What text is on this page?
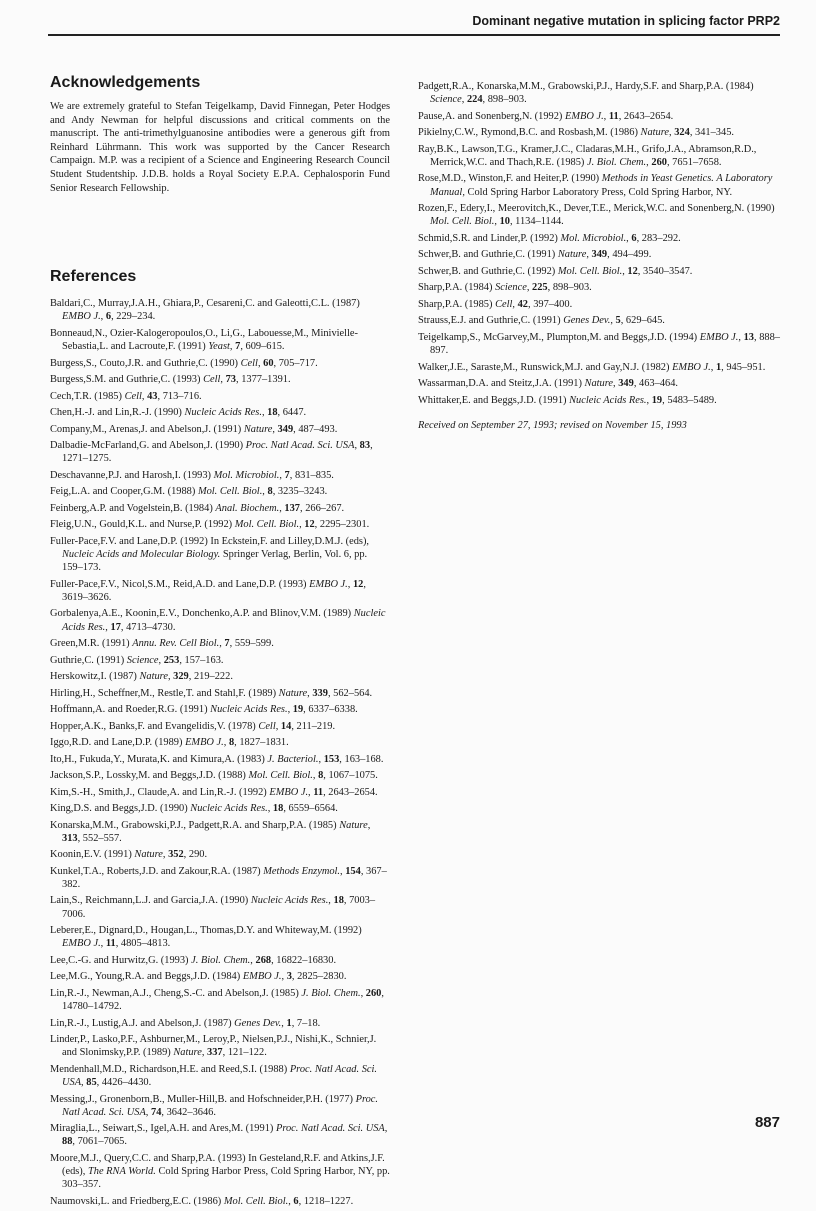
Dominant negative mutation in splicing factor PRP2
Acknowledgements

We are extremely grateful to Stefan Teigelkamp, David Finnegan, Peter Hodges and Andy Newman for helpful discussions and critical comments on the manuscript. The anti-trimethylguanosine antibodies were a generous gift from Reinhard Lührmann. This work was supported by the Cancer Research Campaign. M.P. was a recipient of a Science and Engineering Research Council Student Studentship. J.D.B. holds a Royal Society E.P.A. Cephalosporin Fund Senior Research Fellowship.

References
Baldari,C., Murray,J.A.H., Ghiara,P., Cesareni,C. and Galeotti,C.L. (1987) EMBO J., 6, 229–234.
Bonneaud,N., Ozier-Kalogeropoulos,O., Li,G., Labouesse,M., Minivielle-Sebastia,L. and Lacroute,F. (1991) Yeast, 7, 609–615.
Burgess,S., Couto,J.R. and Guthrie,C. (1990) Cell, 60, 705–717.
Burgess,S.M. and Guthrie,C. (1993) Cell, 73, 1377–1391.
Cech,T.R. (1985) Cell, 43, 713–716.
Chen,H.-J. and Lin,R.-J. (1990) Nucleic Acids Res., 18, 6447.
Company,M., Arenas,J. and Abelson,J. (1991) Nature, 349, 487–493.
Dalbadie-McFarland,G. and Abelson,J. (1990) Proc. Natl Acad. Sci. USA, 83, 1271–1275.
Deschavanne,P.J. and Harosh,I. (1993) Mol. Microbiol., 7, 831–835.
Feig,L.A. and Cooper,G.M. (1988) Mol. Cell. Biol., 8, 3235–3243.
Feinberg,A.P. and Vogelstein,B. (1984) Anal. Biochem., 137, 266–267.
Fleig,U.N., Gould,K.L. and Nurse,P. (1992) Mol. Cell. Biol., 12, 2295–2301.
Fuller-Pace,F.V. and Lane,D.P. (1992) In Eckstein,F. and Lilley,D.M.J. (eds), Nucleic Acids and Molecular Biology. Springer Verlag, Berlin, Vol. 6, pp. 159–173.
Fuller-Pace,F.V., Nicol,S.M., Reid,A.D. and Lane,D.P. (1993) EMBO J., 12, 3619–3626.
Gorbalenya,A.E., Koonin,E.V., Donchenko,A.P. and Blinov,V.M. (1989) Nucleic Acids Res., 17, 4713–4730.
Green,M.R. (1991) Annu. Rev. Cell Biol., 7, 559–599.
Guthrie,C. (1991) Science, 253, 157–163.
Herskowitz,I. (1987) Nature, 329, 219–222.
Hirling,H., Scheffner,M., Restle,T. and Stahl,F. (1989) Nature, 339, 562–564.
Hoffmann,A. and Roeder,R.G. (1991) Nucleic Acids Res., 19, 6337–6338.
Hopper,A.K., Banks,F. and Evangelidis,V. (1978) Cell, 14, 211–219.
Iggo,R.D. and Lane,D.P. (1989) EMBO J., 8, 1827–1831.
Ito,H., Fukuda,Y., Murata,K. and Kimura,A. (1983) J. Bacteriol., 153, 163–168.
Jackson,S.P., Lossky,M. and Beggs,J.D. (1988) Mol. Cell. Biol., 8, 1067–1075.
Kim,S.-H., Smith,J., Claude,A. and Lin,R.-J. (1992) EMBO J., 11, 2643–2654.
King,D.S. and Beggs,J.D. (1990) Nucleic Acids Res., 18, 6559–6564.
Konarska,M.M., Grabowski,P.J., Padgett,R.A. and Sharp,P.A. (1985) Nature, 313, 552–557.
Koonin,E.V. (1991) Nature, 352, 290.
Kunkel,T.A., Roberts,J.D. and Zakour,R.A. (1987) Methods Enzymol., 154, 367–382.
Lain,S., Reichmann,L.J. and Garcia,J.A. (1990) Nucleic Acids Res., 18, 7003–7006.
Leberer,E., Dignard,D., Hougan,L., Thomas,D.Y. and Whiteway,M. (1992) EMBO J., 11, 4805–4813.
Lee,C.-G. and Hurwitz,G. (1993) J. Biol. Chem., 268, 16822–16830.
Lee,M.G., Young,R.A. and Beggs,J.D. (1984) EMBO J., 3, 2825–2830.
Lin,R.-J., Newman,A.J., Cheng,S.-C. and Abelson,J. (1985) J. Biol. Chem., 260, 14780–14792.
Lin,R.-J., Lustig,A.J. and Abelson,J. (1987) Genes Dev., 1, 7–18.
Linder,P., Lasko,P.F., Ashburner,M., Leroy,P., Nielsen,P.J., Nishi,K., Schnier,J. and Slonimsky,P.P. (1989) Nature, 337, 121–122.
Mendenhall,M.D., Richardson,H.E. and Reed,S.I. (1988) Proc. Natl Acad. Sci. USA, 85, 4426–4430.
Messing,J., Gronenborn,B., Muller-Hill,B. and Hofschneider,P.H. (1977) Proc. Natl Acad. Sci. USA, 74, 3642–3646.
Miraglia,L., Seiwart,S., Igel,A.H. and Ares,M. (1991) Proc. Natl Acad. Sci. USA, 88, 7061–7065.
Moore,M.J., Query,C.C. and Sharp,P.A. (1993) In Gesteland,R.F. and Atkins,J.F. (eds), The RNA World. Cold Spring Harbor Press, Cold Spring Harbor, NY, pp. 303–357.
Naumovski,L. and Friedberg,E.C. (1986) Mol. Cell. Biol., 6, 1218–1227.
Padgett,R.A., Konarska,M.M., Grabowski,P.J., Hardy,S.F. and Sharp,P.A. (1984) Science, 224, 898–903.
Pause,A. and Sonenberg,N. (1992) EMBO J., 11, 2643–2654.
Pikielny,C.W., Rymond,B.C. and Rosbash,M. (1986) Nature, 324, 341–345.
Ray,B.K., Lawson,T.G., Kramer,J.C., Cladaras,M.H., Grifo,J.A., Abramson,R.D., Merrick,W.C. and Thach,R.E. (1985) J. Biol. Chem., 260, 7651–7658.
Rose,M.D., Winston,F. and Heiter,P. (1990) Methods in Yeast Genetics. A Laboratory Manual, Cold Spring Harbor Laboratory Press, Cold Spring Harbor, NY.
Rozen,F., Edery,I., Meerovitch,K., Dever,T.E., Merick,W.C. and Sonenberg,N. (1990) Mol. Cell. Biol., 10, 1134–1144.
Schmid,S.R. and Linder,P. (1992) Mol. Microbiol., 6, 283–292.
Schwer,B. and Guthrie,C. (1991) Nature, 349, 494–499.
Schwer,B. and Guthrie,C. (1992) Mol. Cell. Biol., 12, 3540–3547.
Sharp,P.A. (1984) Science, 225, 898–903.
Sharp,P.A. (1985) Cell, 42, 397–400.
Strauss,E.J. and Guthrie,C. (1991) Genes Dev., 5, 629–645.
Teigelkamp,S., McGarvey,M., Plumpton,M. and Beggs,J.D. (1994) EMBO J., 13, 888–897.
Walker,J.E., Saraste,M., Runswick,M.J. and Gay,N.J. (1982) EMBO J., 1, 945–951.
Wassarman,D.A. and Steitz,J.A. (1991) Nature, 349, 463–464.
Whittaker,E. and Beggs,J.D. (1991) Nucleic Acids Res., 19, 5483–5489.
Received on September 27, 1993; revised on November 15, 1993
887
